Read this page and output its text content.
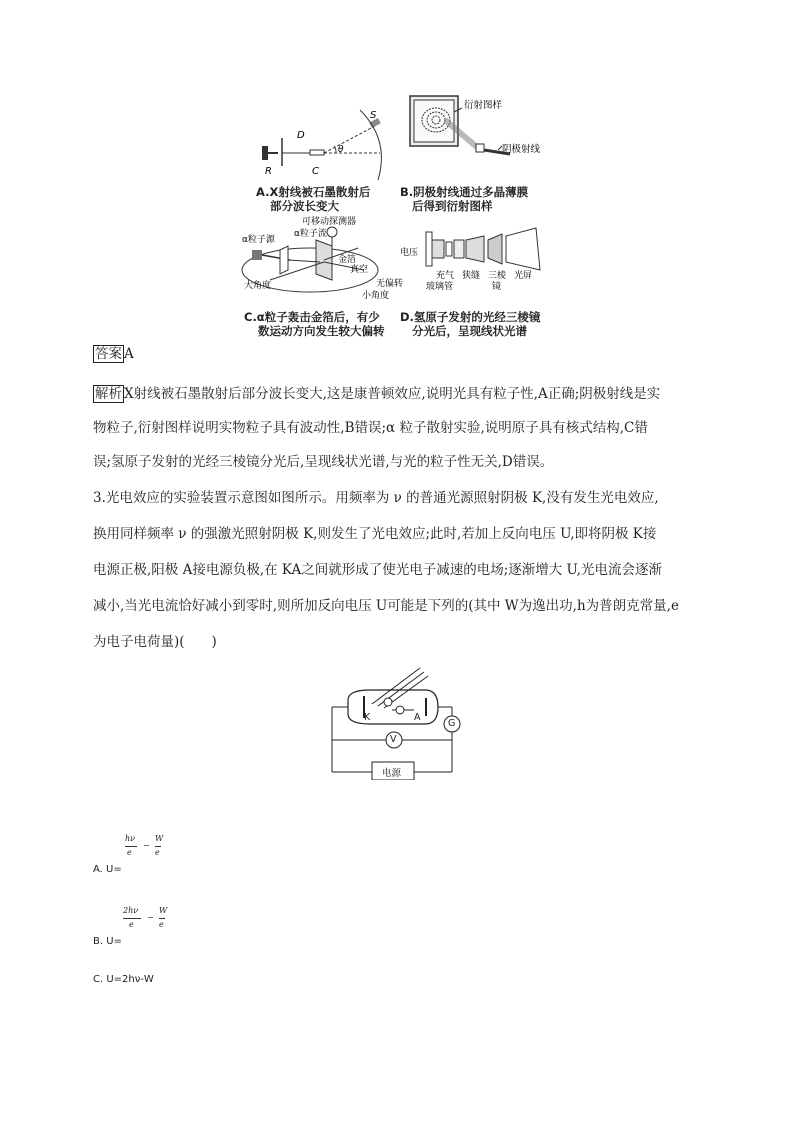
D
S
R	C
θ
衍射图样
阴极射线
可移动探测器
α粒子流
α粒子源
金箔
真空
无偏转
小角度
大角度
电压
充气
玻璃管
狭缝 三棱
镜
光屏
A.X射线被石墨散射后
部分波长变大
B.阴极射线通过多晶薄膜
后得到衍射图样
C.α粒子轰击金箔后，有少
数运动方向发生较大偏转
D.氢原子发射的光经三棱镜
分光后，呈现线状光谱
答案 A
解析 X射线被石墨散射后部分波长变大,这是康普顿效应,说明光具有粒子性,A正确;阴极射线是实
物粒子,衍射图样说明实物粒子具有波动性,B错误;α 粒子散射实验,说明原子具有核式结构,C错
误;氢原子发射的光经三棱镜分光后,呈现线状光谱,与光的粒子性无关,D错误。
3.光电效应的实验装置示意图如图所示。用频率为 ν 的普通光源照射阴极 K,没有发生光电效应,
换用同样频率 ν 的强激光照射阴极 K,则发生了光电效应;此时,若加上反向电压 U,即将阴极 K接
电源正极,阳极 A接电源负极,在 KA之间就形成了使光电子减速的电场;逐渐增大 U,光电流会逐渐
减小,当光电流恰好减小到零时,则所加反向电压 U可能是下列的(其中 W为逸出功,h为普朗克常量,e
为电子电荷量)(　　)
K	A
G
V
电源
hν
e
−
W
e
A. U=
2hν
e
−
W
e
B. U=
C. U=2hν-W
